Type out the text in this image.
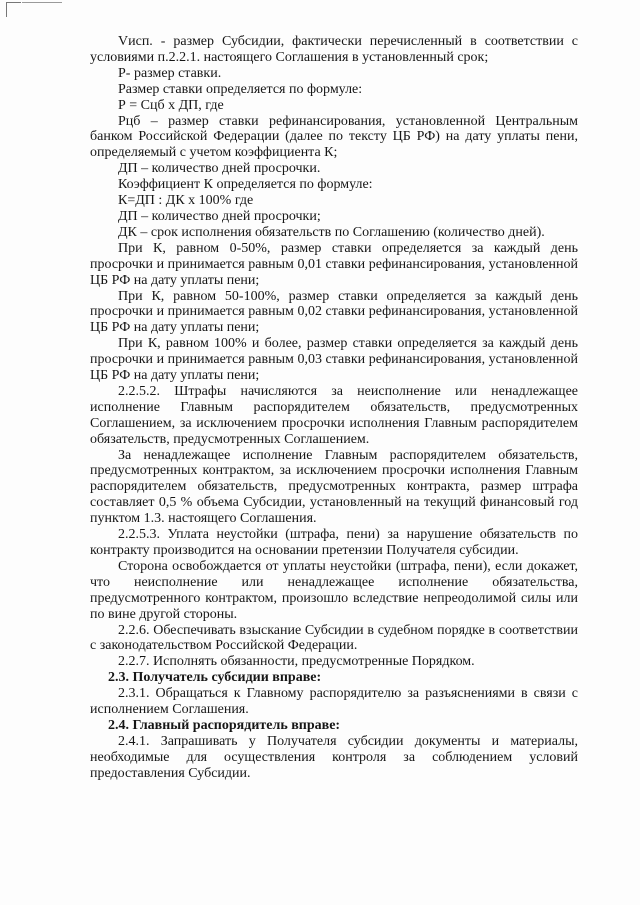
Vисп. - размер Субсидии, фактически перечисленный в соответствии с условиями п.2.2.1. настоящего Соглашения в установленный срок;

Р- размер ставки.

Размер ставки определяется по формуле:

Р = Сцб х ДП, где

Рцб – размер ставки рефинансирования, установленной Центральным банком Российской Федерации (далее по тексту ЦБ РФ) на дату уплаты пени, определяемый с учетом коэффициента К;

ДП – количество дней просрочки.

Коэффициент К определяется по формуле:

К=ДП : ДК х 100% где

ДП – количество дней просрочки;

ДК – срок исполнения обязательств по Соглашению (количество дней).

При К, равном 0-50%, размер ставки определяется за каждый день просрочки и принимается равным 0,01 ставки рефинансирования, установленной ЦБ РФ на дату уплаты пени;

При К, равном 50-100%, размер ставки определяется за каждый день просрочки и принимается равным 0,02 ставки рефинансирования, установленной ЦБ РФ на дату уплаты пени;

При К, равном 100% и более, размер ставки определяется за каждый день просрочки и принимается равным 0,03 ставки рефинансирования, установленной ЦБ РФ на дату уплаты пени;

2.2.5.2. Штрафы начисляются за неисполнение или ненадлежащее исполнение Главным распорядителем обязательств, предусмотренных Соглашением, за исключением просрочки исполнения Главным распорядителем обязательств, предусмотренных Соглашением.

За ненадлежащее исполнение Главным распорядителем обязательств, предусмотренных контрактом, за исключением просрочки исполнения Главным распорядителем обязательств, предусмотренных контракта, размер штрафа составляет 0,5 % объема Субсидии, установленный на текущий финансовый год пунктом 1.3. настоящего Соглашения.

2.2.5.3. Уплата неустойки (штрафа, пени) за нарушение обязательств по контракту производится на основании претензии Получателя субсидии.

Сторона освобождается от уплаты неустойки (штрафа, пени), если докажет, что неисполнение или ненадлежащее исполнение обязательства, предусмотренного контрактом, произошло вследствие непреодолимой силы или по вине другой стороны.

2.2.6. Обеспечивать взыскание Субсидии в судебном порядке в соответствии с законодательством Российской Федерации.

2.2.7. Исполнять обязанности, предусмотренные Порядком.

2.3. Получатель субсидии вправе:

2.3.1. Обращаться к Главному распорядителю за разъяснениями в связи с исполнением Соглашения.

2.4. Главный распорядитель вправе:

2.4.1. Запрашивать у Получателя субсидии документы и материалы, необходимые для осуществления контроля за соблюдением условий предоставления Субсидии.
